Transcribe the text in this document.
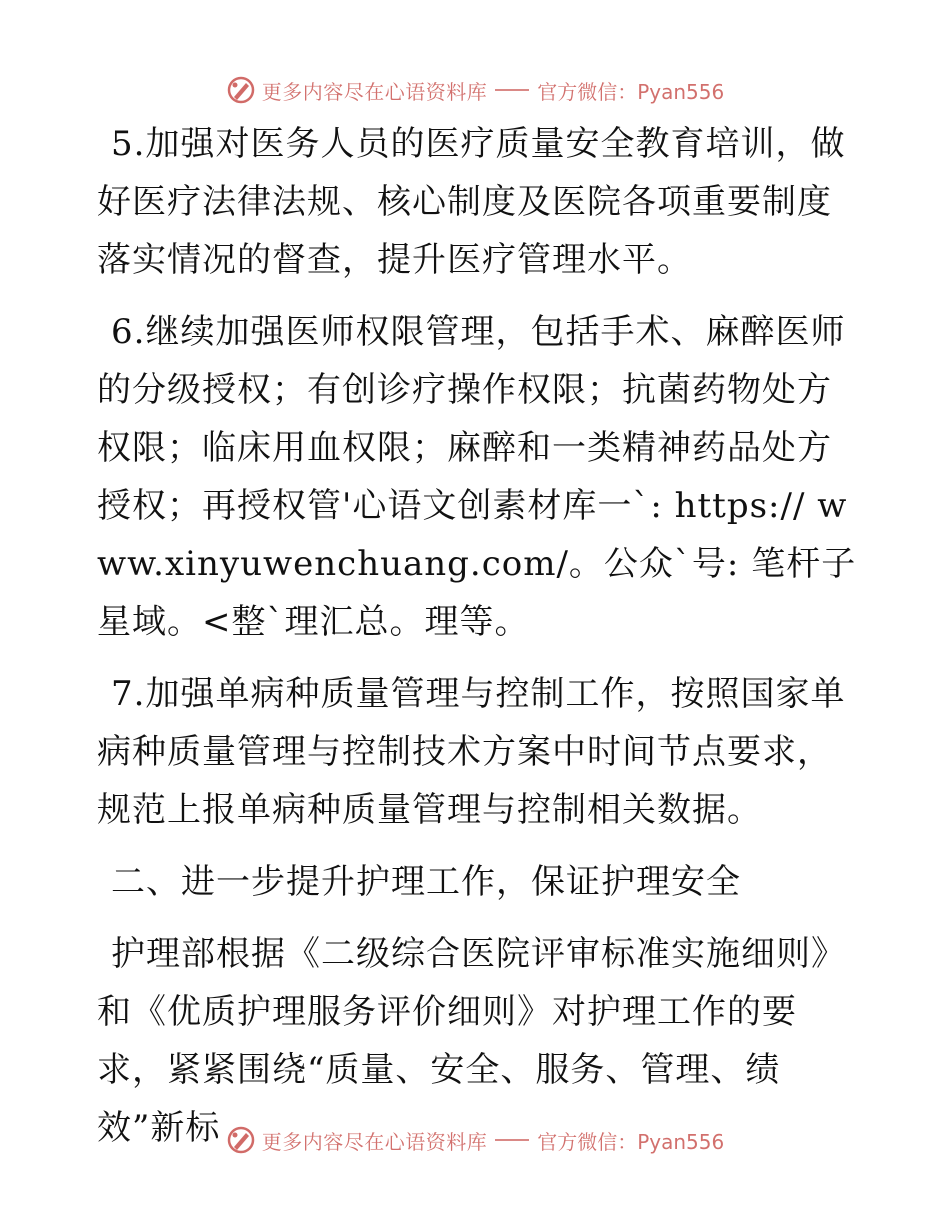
更多内容尽在心语资料库	官方微信：Pyan556

5.加强对医务人员的医疗质量安全教育培训，做好医疗法律法规、核心制度及医院各项重要制度落实情况的督查，提升医疗管理水平。

6.继续加强医师权限管理，包括手术、麻醉医师的分级授权；有创诊疗操作权限；抗菌药物处方权限；临床用血权限；麻醉和一类精神药品处方授权；再授权管'心语文创素材库一`: https:// www.xinyuwenchuang.com/。公众`号: 笔杆子星域。<整`理汇总。理等。

7.加强单病种质量管理与控制工作，按照国家单病种质量管理与控制技术方案中时间节点要求，规范上报单病种质量管理与控制相关数据。

二、进一步提升护理工作，保证护理安全

护理部根据《二级综合医院评审标准实施细则》和《优质护理服务评价细则》对护理工作的要求，紧紧围绕“质量、安全、服务、管理、绩效”新标	更多内容尽在心语资料库	官方微信：Pyan556
